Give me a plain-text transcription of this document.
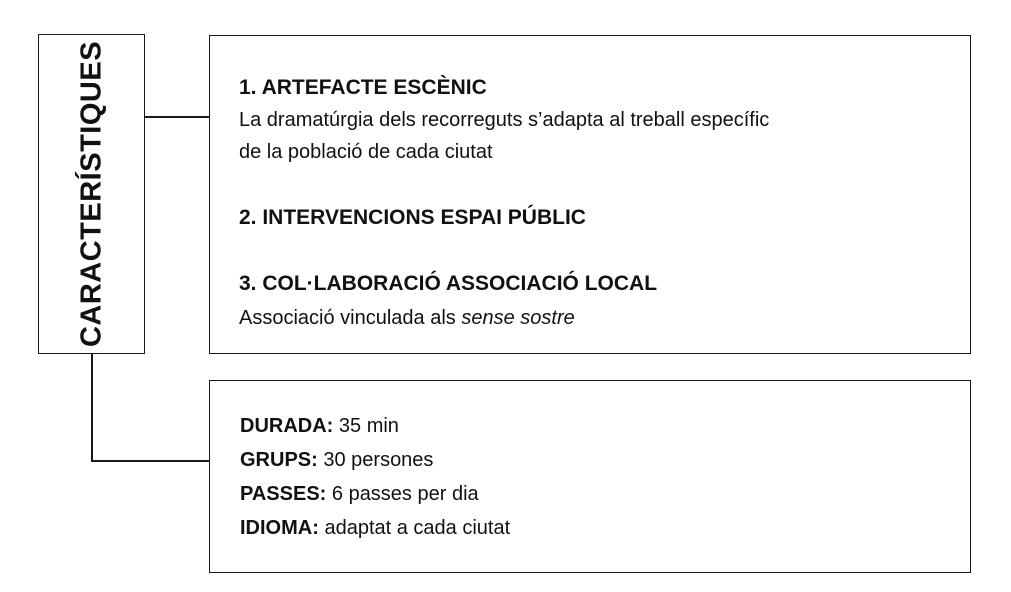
CARACTERÍSTIQUES	1. ARTEFACTE ESCÈNIC
La dramatúrgia dels recorreguts s’adapta al treball específic
de la població de cada ciutat
2. INTERVENCIONS ESPAI PÚBLIC
3. COL·LABORACIÓ ASSOCIACIÓ LOCAL
Associació vinculada als sense sostre
DURADA: 35 min
GRUPS: 30 persones
PASSES: 6 passes per dia
IDIOMA: adaptat a cada ciutat
